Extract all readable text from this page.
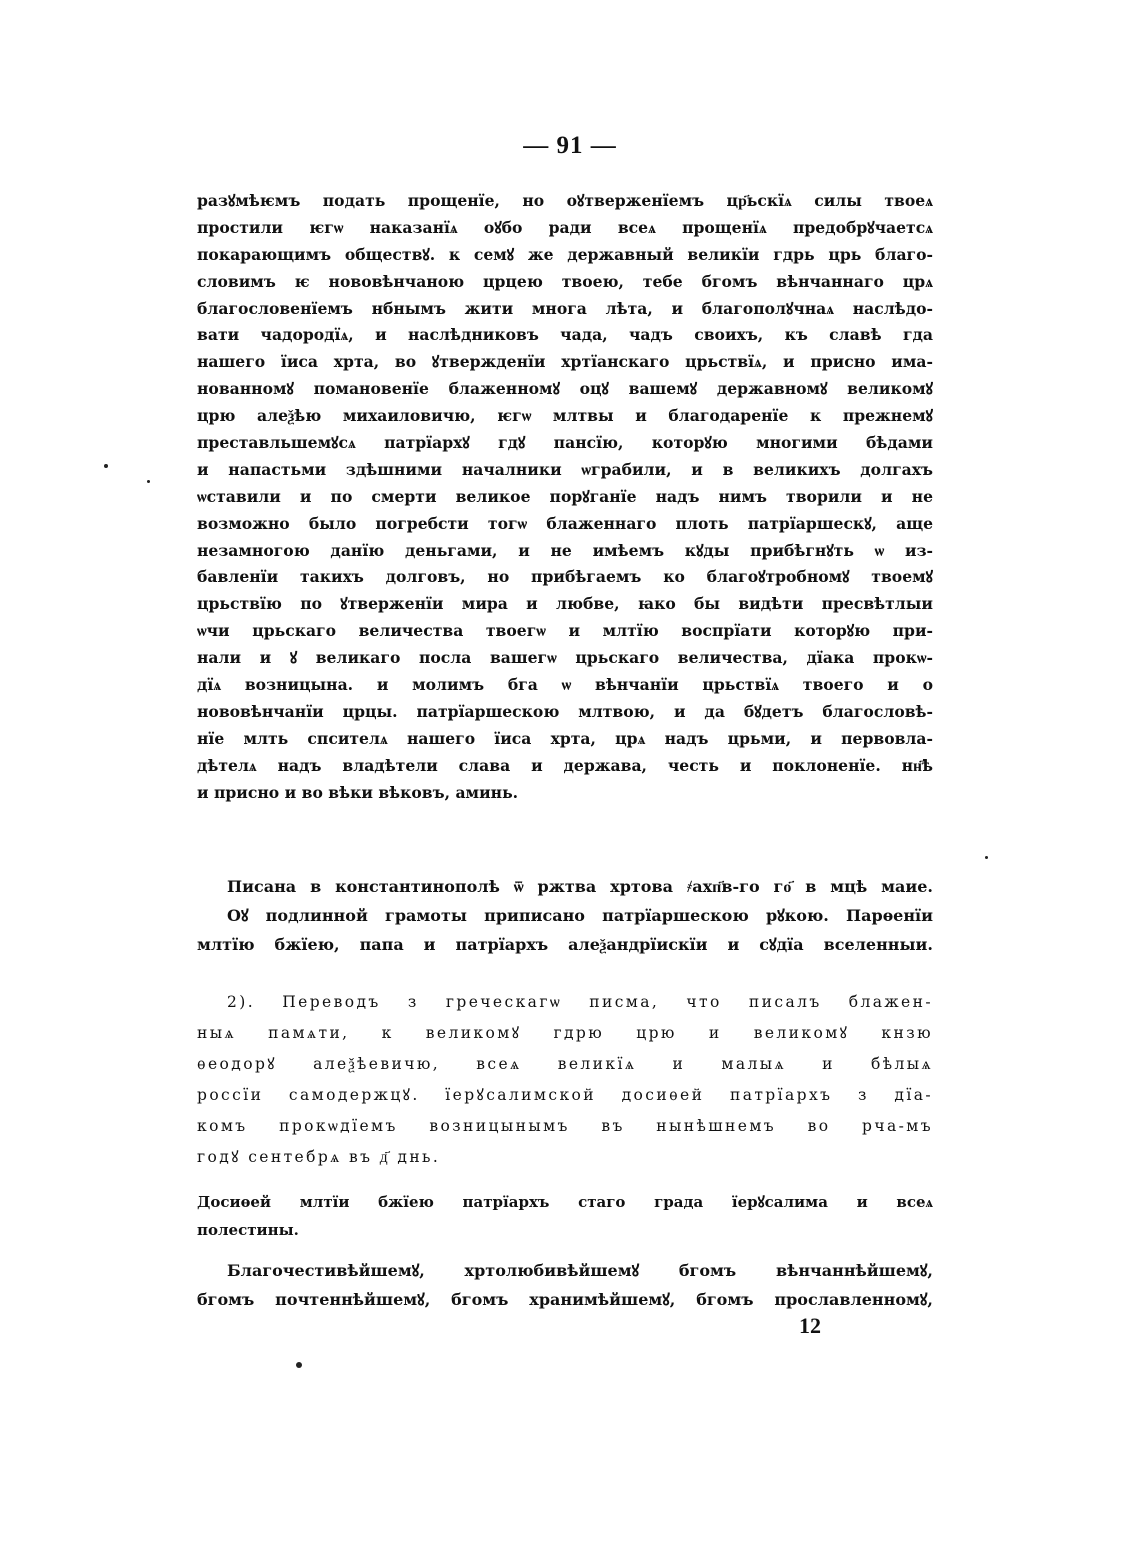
— 91 —
разꙋмѣѥмъ подать прощенїе, но оꙋтверженїемъ цр҃ьскїѧ силы твоеѧ
простили ѥгѡ наказанїѧ оꙋбо ради всеѧ прощенїѧ предобрꙋчаетсѧ
покарающимъ обществꙋ. к семꙋ же державный великїи гдрь црь благо-
словимъ ѥ нововѣнчаною црцею твоею, тебе бгомъ вѣнчаннаго црѧ
благословенїемъ нбнымъ жити многа лѣта, и благополꙋчнаѧ наслѣдо-
вати чадородїѧ, и наслѣдниковъ чада, чадъ своихъ, къ славѣ гда
нашего їиса хрта, во ꙋтвержденїи хртїанскаго црьствїѧ, и присно има-
нованномꙋ помановенїе блаженномꙋ оцꙋ вашемꙋ державномꙋ великомꙋ
црю алеѯѣю михаиловичю, ѥгѡ млтвы и благодаренїе к прежнемꙋ
преставльшемꙋсѧ патрїархꙋ гдꙋ пансїю, которꙋю многими бѣдами
и напастьми здѣшними началники ѡграбили, и в великихъ долгахъ
ѡставили и по смерти великое порꙋганїе надъ нимъ творили и не
возможно было погребсти тогѡ блаженнаго плоть патрїаршескꙋ, аще
незамногою данїю деньгами, и не имѣемъ кꙋды прибѣгнꙋть ѡ из-
бавленїи такихъ долговъ, но прибѣгаемъ ко благоꙋтробномꙋ твоемꙋ
црьствїю по ꙋтверженїи мира и любве, ꙗко бы видѣти пресвѣтлыи
ѡчи црьскаго величества твоегѡ и млтїю воспрїати которꙋю при-
нали и ꙋ великаго посла вашегѡ црьскаго величества, дїака прокѡ-
дїѧ возницына. и молимъ бга ѡ вѣнчанїи црьствїѧ твоего и о
нововѣнчанїи црцы. патрїаршескою млтвою, и да бꙋдетъ благословѣ-
нїе млть спсителѧ нашего їиса хрта, црѧ надъ црьми, и первовла-
дѣтелѧ надъ владѣтели слава и держава, честь и поклоненїе. нн҃ѣ
и присно и во вѣки вѣковъ, аминь.
Писана в константинополѣ ѿ ржтва хртова ҂ахп҃в-го го҃ в мцѣ маие.
Оꙋ подлинной грамоты приписано патрїаршескою рꙋкою. Парѳенїи
млтїю бжїею, папа и патрїархъ алеѯандрїискїи и сꙋдїа вселенныи.
2). Переводъ з греческагѡ писма, что писалъ блажен-
ныѧ памѧти, к великомꙋ гдрю црю и великомꙋ кнзю
ѳеодорꙋ алеѯѣевичю, всеѧ великїѧ и малыѧ и бѣлыѧ
россїи самодержцꙋ. їерꙋсалимской досиѳей патрїархъ з дїа-
комъ прокѡдїемъ возницынымъ въ нынѣшнемъ во рча-мъ
годꙋ сентебрѧ въ д҃ днь.
Досиѳей млтїи бжїею патрїархъ стаго града їерꙋсалима и всеѧ
полестины.
Благочестивѣйшемꙋ, хртолюбивѣйшемꙋ бгомъ вѣнчаннѣйшемꙋ,
бгомъ почтеннѣйшемꙋ, бгомъ хранимѣйшемꙋ, бгомъ прославленномꙋ,
12
